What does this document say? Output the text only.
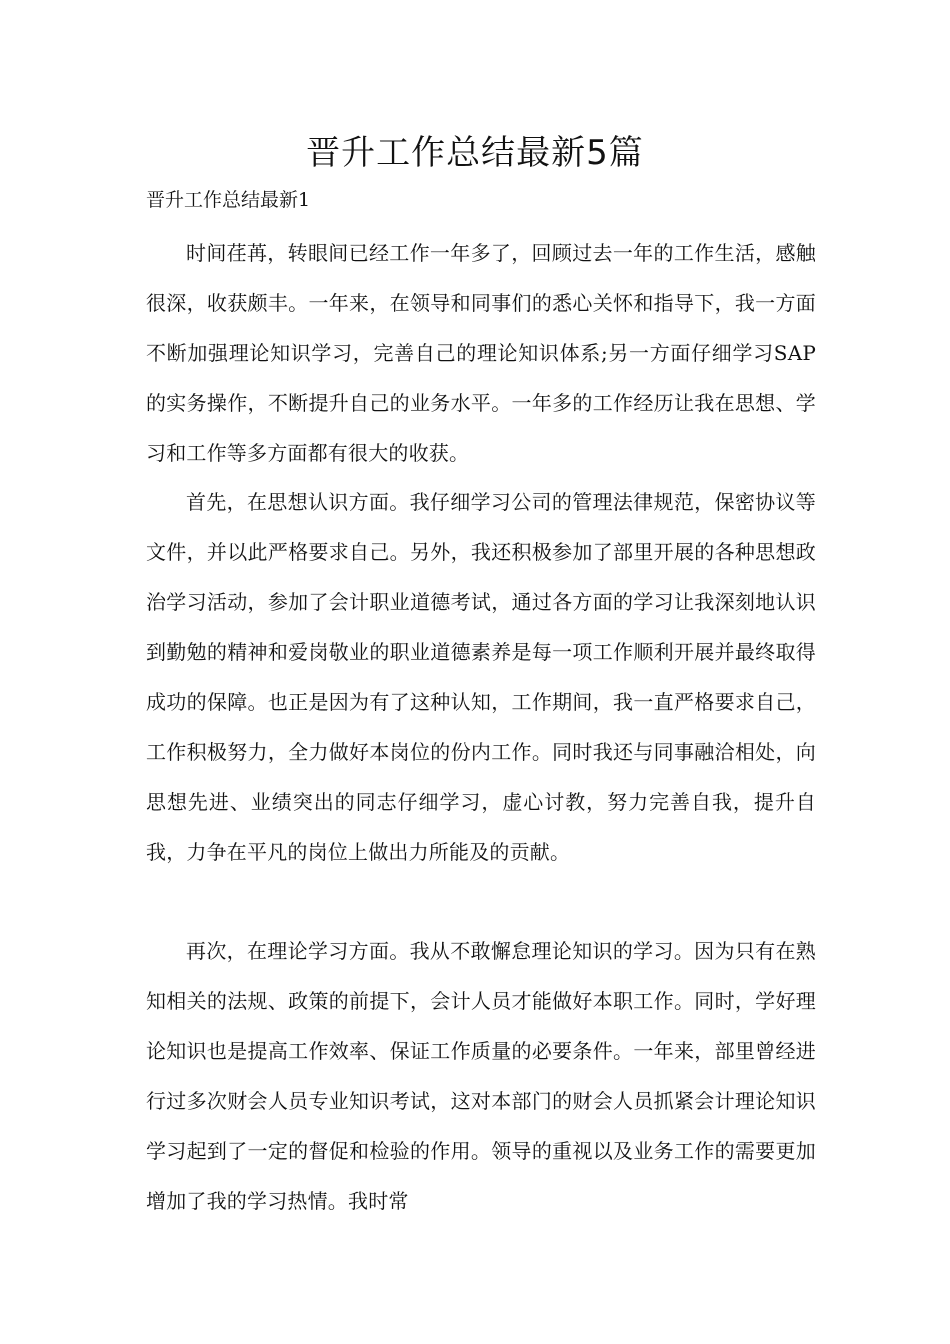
晋升工作总结最新5篇

晋升工作总结最新1

时间荏苒，转眼间已经工作一年多了，回顾过去一年的工作生活，感触很深，收获颇丰。一年来，在领导和同事们的悉心关怀和指导下，我一方面不断加强理论知识学习，完善自己的理论知识体系;另一方面仔细学习SAP的实务操作，不断提升自己的业务水平。一年多的工作经历让我在思想、学习和工作等多方面都有很大的收获。

首先，在思想认识方面。我仔细学习公司的管理法律规范，保密协议等文件，并以此严格要求自己。另外，我还积极参加了部里开展的各种思想政治学习活动，参加了会计职业道德考试，通过各方面的学习让我深刻地认识到勤勉的精神和爱岗敬业的职业道德素养是每一项工作顺利开展并最终取得成功的保障。也正是因为有了这种认知，工作期间，我一直严格要求自己，工作积极努力，全力做好本岗位的份内工作。同时我还与同事融洽相处，向思想先进、业绩突出的同志仔细学习，虚心讨教，努力完善自我，提升自我，力争在平凡的岗位上做出力所能及的贡献。

再次，在理论学习方面。我从不敢懈怠理论知识的学习。因为只有在熟知相关的法规、政策的前提下，会计人员才能做好本职工作。同时，学好理论知识也是提高工作效率、保证工作质量的必要条件。一年来，部里曾经进行过多次财会人员专业知识考试，这对本部门的财会人员抓紧会计理论知识学习起到了一定的督促和检验的作用。领导的重视以及业务工作的需要更加增加了我的学习热情。我时常
